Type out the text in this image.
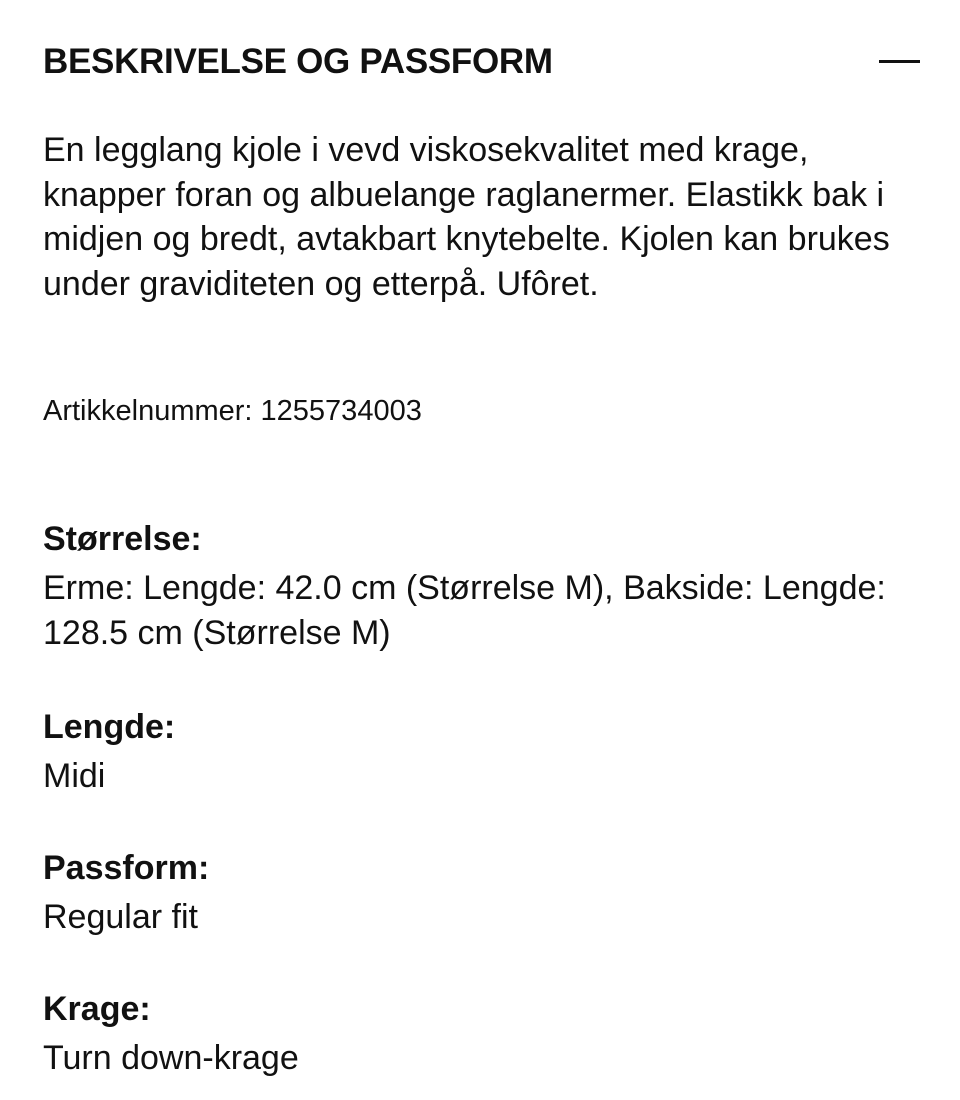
BESKRIVELSE OG PASSFORM

En legglang kjole i vevd viskosekvalitet med krage, knapper foran og albuelange raglanermer. Elastikk bak i midjen og bredt, avtakbart knytebelte. Kjolen kan brukes under graviditeten og etterpå. Ufôret.

Artikkelnummer: 1255734003
Størrelse:
Erme: Lengde: 42.0 cm (Størrelse M), Bakside: Lengde: 128.5 cm (Størrelse M)
Lengde:
Midi
Passform:
Regular fit
Krage:
Turn down-krage
